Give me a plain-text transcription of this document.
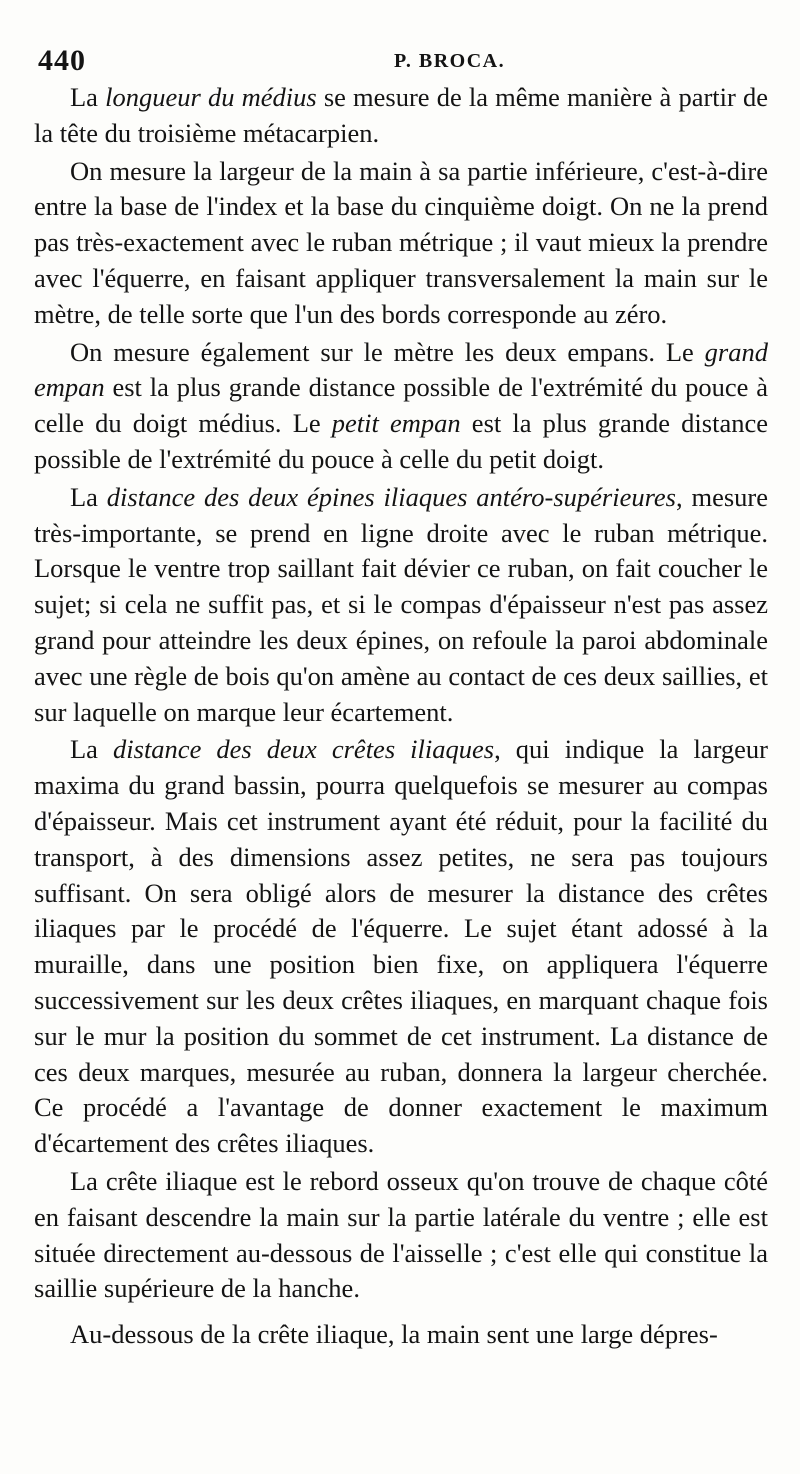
440	P. BROCA.

La longueur du médius se mesure de la même manière à partir de la tête du troisième métacarpien.

On mesure la largeur de la main à sa partie inférieure, c'est-à-dire entre la base de l'index et la base du cinquième doigt. On ne la prend pas très-exactement avec le ruban métrique ; il vaut mieux la prendre avec l'équerre, en faisant appliquer transversalement la main sur le mètre, de telle sorte que l'un des bords corresponde au zéro.

On mesure également sur le mètre les deux empans. Le grand empan est la plus grande distance possible de l'extrémité du pouce à celle du doigt médius. Le petit empan est la plus grande distance possible de l'extrémité du pouce à celle du petit doigt.

La distance des deux épines iliaques antéro-supérieures, mesure très-importante, se prend en ligne droite avec le ruban métrique. Lorsque le ventre trop saillant fait dévier ce ruban, on fait coucher le sujet; si cela ne suffit pas, et si le compas d'épaisseur n'est pas assez grand pour atteindre les deux épines, on refoule la paroi abdominale avec une règle de bois qu'on amène au contact de ces deux saillies, et sur laquelle on marque leur écartement.

La distance des deux crêtes iliaques, qui indique la largeur maxima du grand bassin, pourra quelquefois se mesurer au compas d'épaisseur. Mais cet instrument ayant été réduit, pour la facilité du transport, à des dimensions assez petites, ne sera pas toujours suffisant. On sera obligé alors de mesurer la distance des crêtes iliaques par le procédé de l'équerre. Le sujet étant adossé à la muraille, dans une position bien fixe, on appliquera l'équerre successivement sur les deux crêtes iliaques, en marquant chaque fois sur le mur la position du sommet de cet instrument. La distance de ces deux marques, mesurée au ruban, donnera la largeur cherchée. Ce procédé a l'avantage de donner exactement le maximum d'écartement des crêtes iliaques.

La crête iliaque est le rebord osseux qu'on trouve de chaque côté en faisant descendre la main sur la partie latérale du ventre ; elle est située directement au-dessous de l'aisselle ; c'est elle qui constitue la saillie supérieure de la hanche.

Au-dessous de la crête iliaque, la main sent une large dépres-
